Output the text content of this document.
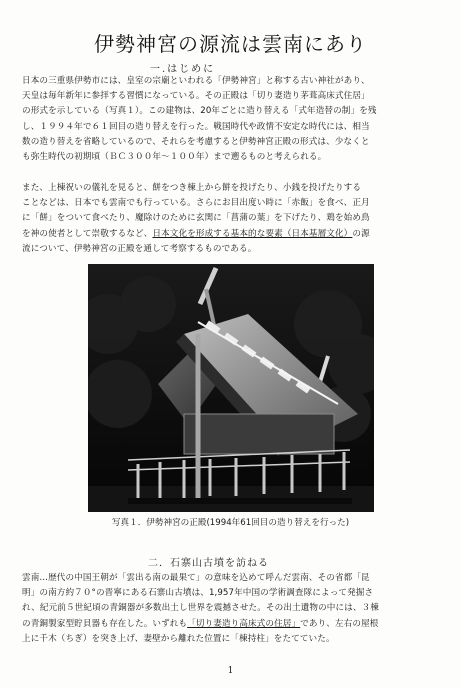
伊勢神宮の源流は雲南にあり
一.はじめに
日本の三重県伊勢市には、皇室の宗廟といわれる「伊勢神宮」と称する古い神社があり、
天皇は毎年新年に参拝する習慣になっている。その正殿は「切り妻造り茅葺高床式住居」
の形式を示している（写真１）。この建物は、20年ごとに造り替える「式年造替の制」を残
し、１９９４年で６１回目の造り替えを行った。戦国時代や政情不安定な時代には、相当
数の造り替えを省略しているので、それらを考慮すると伊勢神宮正殿の形式は、少なくと
も弥生時代の初期頃（ＢＣ３００年～１００年）まで遡るものと考えられる。
また、上棟祝いの儀礼を見ると、餅をつき棟上から餅を投げたり、小銭を投げたりする
ことなどは、日本でも雲南でも行っている。さらにお目出度い時に「赤飯」を食べ、正月
に「餅」をついて食べたり、魔除けのために玄関に「菖蒲の葉」を下げたり、鶏を始め鳥
を神の使者として崇敬するなど、日本文化を形成する基本的な要素（日本基層文化）の源
流について、伊勢神宮の正殿を通して考察するものである。
写真１．伊勢神宮の正殿(1994年61回目の造り替えを行った)
二．石寨山古墳を訪ねる
雲南…歴代の中国王朝が「雲出る南の最果て」の意味を込めて呼んだ雲南、その省都「昆
明」の南方約７０°の晋寧にある石寨山古墳は、1,957年中国の学術調査隊によって発掘さ
れ、紀元前５世紀頃の青銅器が多数出土し世界を震撼させた。その出土遺物の中には、３棟
の青銅製家型貯貝器も存在した。いずれも「切り妻造り高床式の住居」であり、左右の屋根
上に千木（ちぎ）を突き上げ、妻壁から離れた位置に「棟持柱」をたてていた。
1
